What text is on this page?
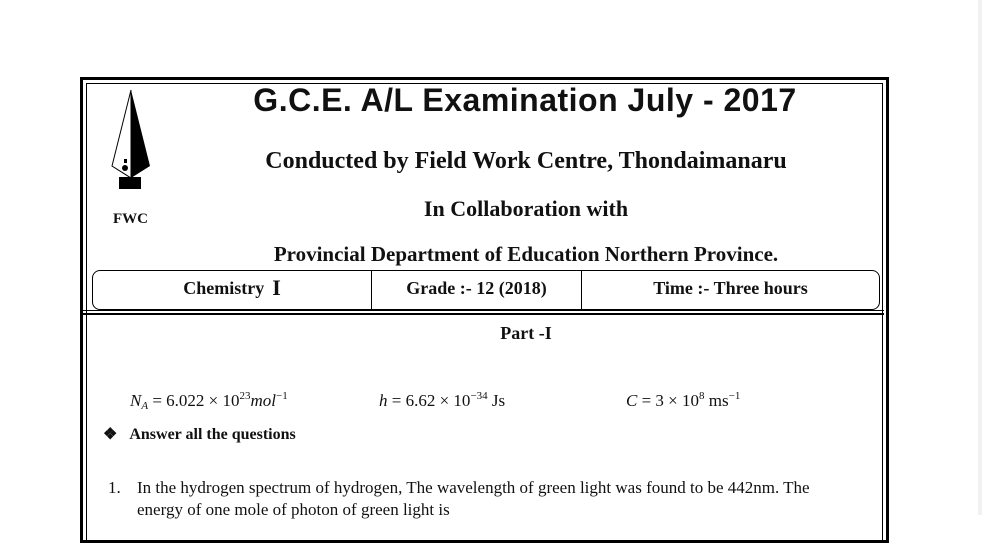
FWC
G.C.E. A/L Examination July - 2017
Conducted by Field Work Centre, Thondaimanaru
In Collaboration with
Provincial Department of Education Northern Province.
Chemistry I	Grade :- 12 (2018)	Time :- Three hours
Part -I
$N_A = 6.022 \times 10^{23}mol^{-1}$	$h = 6.62 \times 10^{-34}$ Js	$C = 3 \times 10^8$ $ms^{-1}$
❖ Answer all the questions
1. In the hydrogen spectrum of hydrogen, The wavelength of green light was found to be 442nm. The
energy of one mole of photon of green light is
